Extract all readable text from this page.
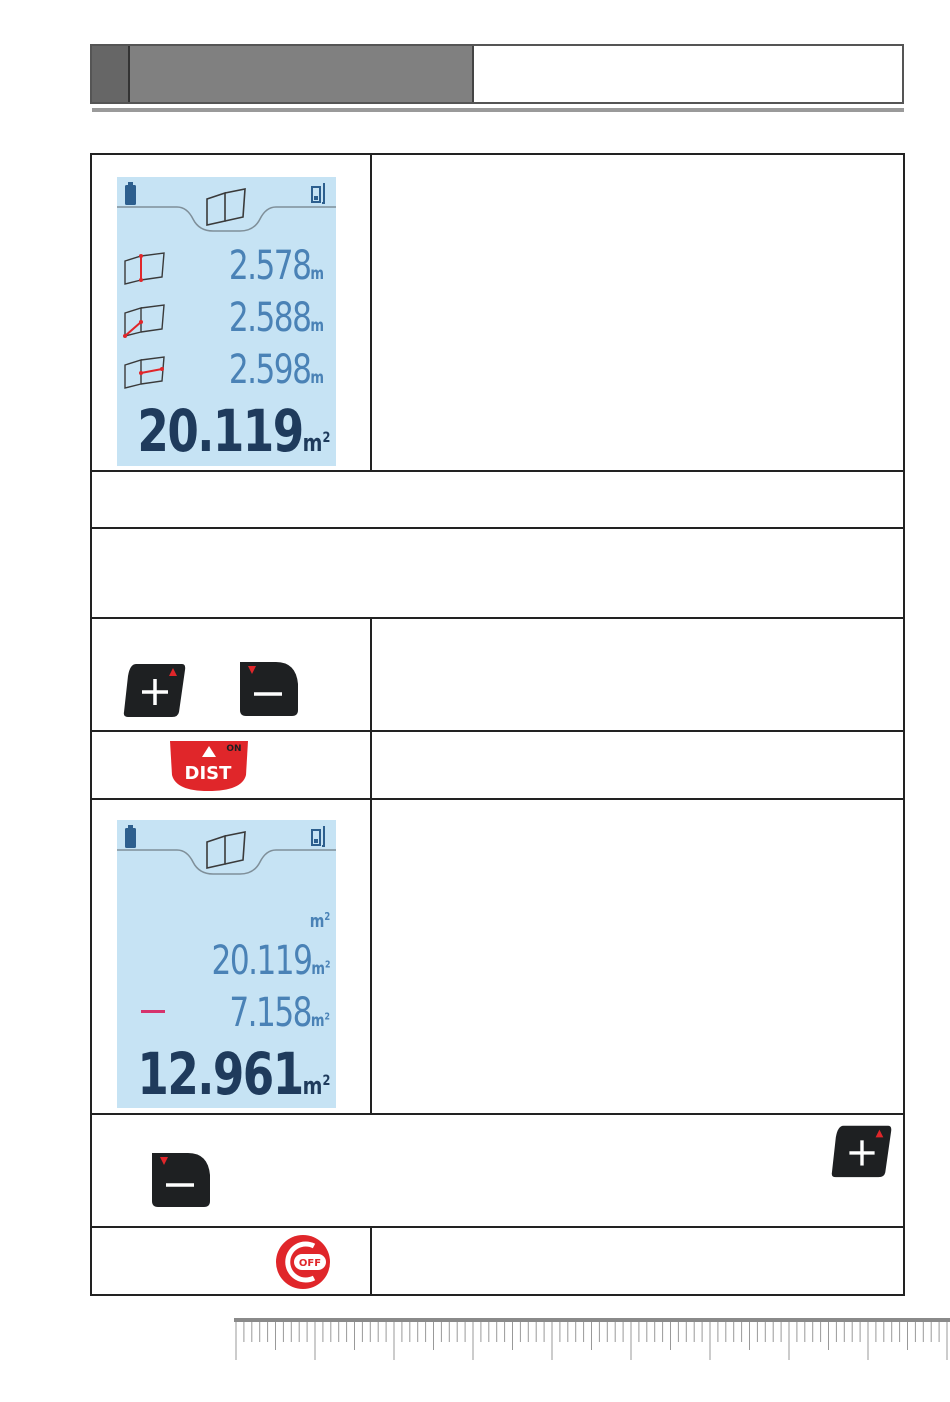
2.578m
2.588m
2.598m
$20.119m^2$
DIST
ON
$m^2$
$20.119m^2$
$7.158m^2$
$12.961m^2$
OFF
